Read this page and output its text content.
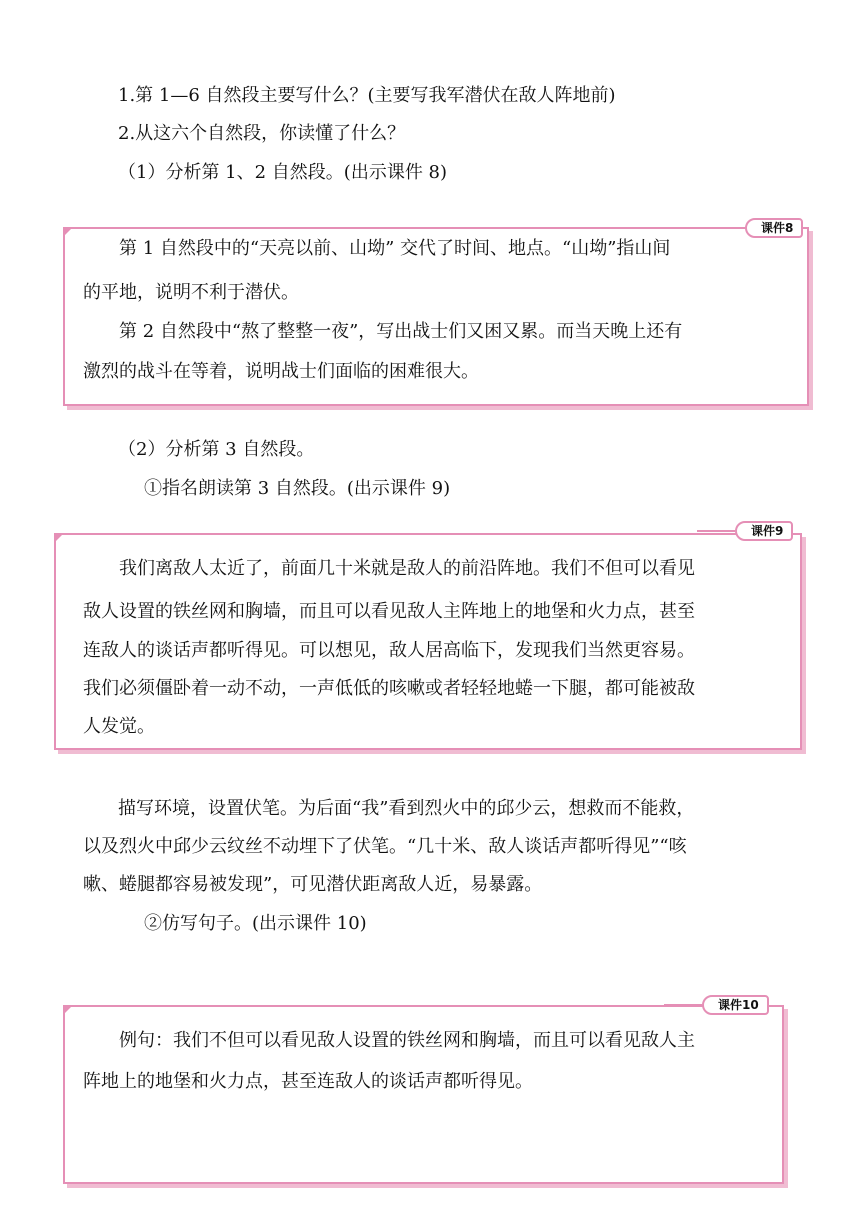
1.第 1—6 自然段主要写什么？(主要写我军潜伏在敌人阵地前)
2.从这六个自然段，你读懂了什么？
（1）分析第 1、2 自然段。(出示课件 8)
课件8
第 1 自然段中的“天亮以前、山坳” 交代了时间、地点。“山坳”指山间
的平地，说明不利于潜伏。
第 2 自然段中“熬了整整一夜”，写出战士们又困又累。而当天晚上还有
激烈的战斗在等着，说明战士们面临的困难很大。
（2）分析第 3 自然段。
①指名朗读第 3 自然段。(出示课件 9)
课件9
我们离敌人太近了，前面几十米就是敌人的前沿阵地。我们不但可以看见
敌人设置的铁丝网和胸墙，而且可以看见敌人主阵地上的地堡和火力点，甚至
连敌人的谈话声都听得见。可以想见，敌人居高临下，发现我们当然更容易。
我们必须僵卧着一动不动，一声低低的咳嗽或者轻轻地蜷一下腿，都可能被敌
人发觉。
描写环境，设置伏笔。为后面“我”看到烈火中的邱少云，想救而不能救，
以及烈火中邱少云纹丝不动埋下了伏笔。“几十米、敌人谈话声都听得见”“咳
嗽、蜷腿都容易被发现”，可见潜伏距离敌人近，易暴露。
②仿写句子。(出示课件 10)
课件10
例句：我们不但可以看见敌人设置的铁丝网和胸墙，而且可以看见敌人主
阵地上的地堡和火力点，甚至连敌人的谈话声都听得见。
